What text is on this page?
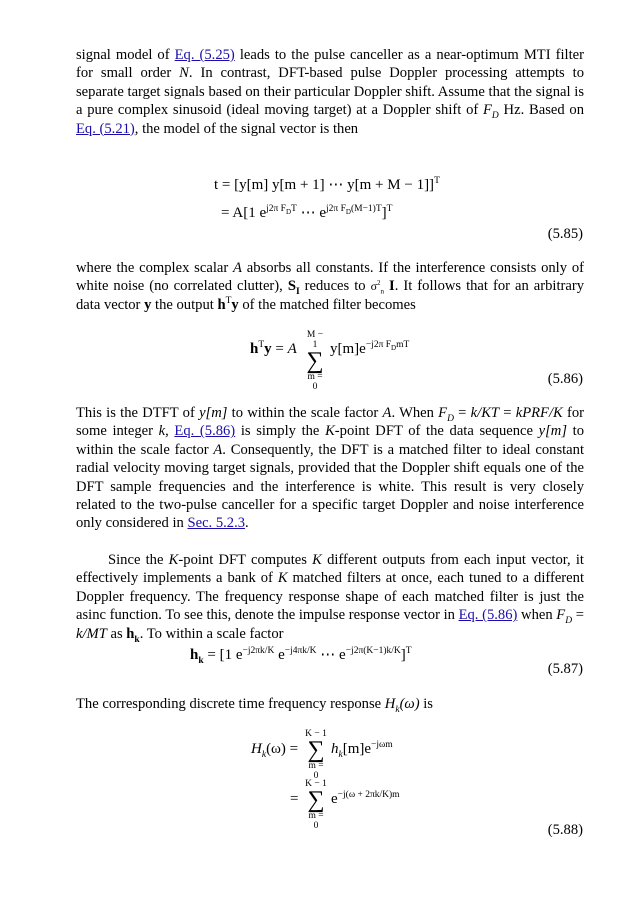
signal model of Eq. (5.25) leads to the pulse canceller as a near-optimum MTI filter for small order N. In contrast, DFT-based pulse Doppler processing attempts to separate target signals based on their particular Doppler shift. Assume that the signal is a pure complex sinusoid (ideal moving target) at a Doppler shift of $F_D$ Hz. Based on Eq. (5.21), the model of the signal vector is then

t = [y[m] y[m + 1] ⋯ y[m + M − 1]]$^T$
= A[1 $e^{j2\pi F_DT}$ ⋯ $e^{j2\pi F_D(M-1)T}]^T$
(5.85)

where the complex scalar A absorbs all constants. If the interference consists only of white noise (no correlated clutter), $S_I$ reduces to $\sigma^2_n$ I. It follows that for an arbitrary data vector y the output $h^Ty$ of the matched filter becomes

$h^Ty = A$
M − 1
∑
m = 0
$y[m]e^{-j2\pi F_DmT}$
(5.86)

This is the DTFT of y[m] to within the scale factor A. When $F_D = k/KT$ = kPRF/K for some integer k, Eq. (5.86) is simply the K-point DFT of the data sequence y[m] to within the scale factor A. Consequently, the DFT is a matched filter to ideal constant radial velocity moving target signals, provided that the Doppler shift equals one of the DFT sample frequencies and the interference is white. This result is very closely related to the two-pulse canceller for a specific target Doppler and noise interference only considered in Sec. 5.2.3.

Since the K-point DFT computes K different outputs from each input vector, it effectively implements a bank of K matched filters at once, each tuned to a different Doppler frequency. The frequency response shape of each matched filter is just the asinc function. To see this, denote the impulse response vector in Eq. (5.86) when $F_D = k/MT$ as $h_k$. To within a scale factor

$h_k = [1$ $e^{-j2\pi k/K}$ $e^{-j4\pi k/K}$ ⋯ $e^{-j2\pi(K-1)k/K}]^T$
(5.87)

The corresponding discrete time frequency response $H_k(\omega)$ is

$H_k(\omega)$ =
K − 1
∑
m = 0
$h_k[m]e^{-j\omega m}$
=
K − 1
∑
m = 0
$e^{-j(\omega + 2\pi k/K)m}$
(5.88)
